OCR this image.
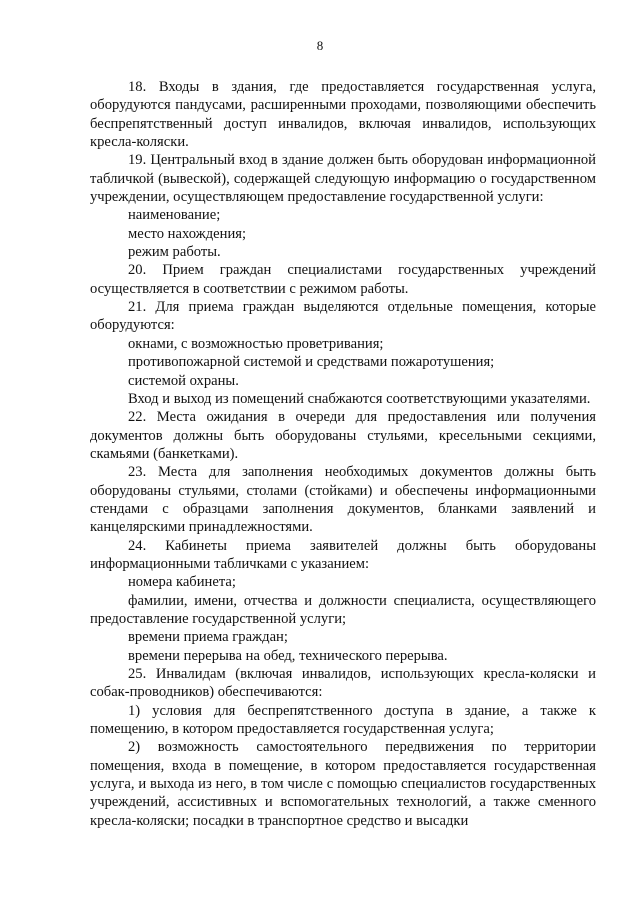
8

18. Входы в здания, где предоставляется государственная услуга, оборудуются пандусами, расширенными проходами, позволяющими обеспечить беспрепятственный доступ инвалидов, включая инвалидов, использующих кресла-коляски.

19. Центральный вход в здание должен быть оборудован информационной табличкой (вывеской), содержащей следующую информацию о государственном учреждении, осуществляющем предоставление государственной услуги:

наименование;

место нахождения;

режим работы.

20. Прием граждан специалистами государственных учреждений осуществляется в соответствии с режимом работы.

21. Для приема граждан выделяются отдельные помещения, которые оборудуются:

окнами, с возможностью проветривания;

противопожарной системой и средствами пожаротушения;

системой охраны.

Вход и выход из помещений снабжаются соответствующими указателями.

22. Места ожидания в очереди для предоставления или получения документов должны быть оборудованы стульями, кресельными секциями, скамьями (банкетками).

23. Места для заполнения необходимых документов должны быть оборудованы стульями, столами (стойками) и обеспечены информационными стендами с образцами заполнения документов, бланками заявлений и канцелярскими принадлежностями.

24. Кабинеты приема заявителей должны быть оборудованы информационными табличками с указанием:

номера кабинета;

фамилии, имени, отчества и должности специалиста, осуществляющего предоставление государственной услуги;

времени приема граждан;

времени перерыва на обед, технического перерыва.

25. Инвалидам (включая инвалидов, использующих кресла-коляски и собак-проводников) обеспечиваются:

1) условия для беспрепятственного доступа в здание, а также к помещению, в котором предоставляется государственная услуга;

2) возможность самостоятельного передвижения по территории помещения, входа в помещение, в котором предоставляется государственная услуга, и выхода из него, в том числе с помощью специалистов государственных учреждений, ассистивных и вспомогательных технологий, а также сменного кресла-коляски; посадки в транспортное средство и высадки
